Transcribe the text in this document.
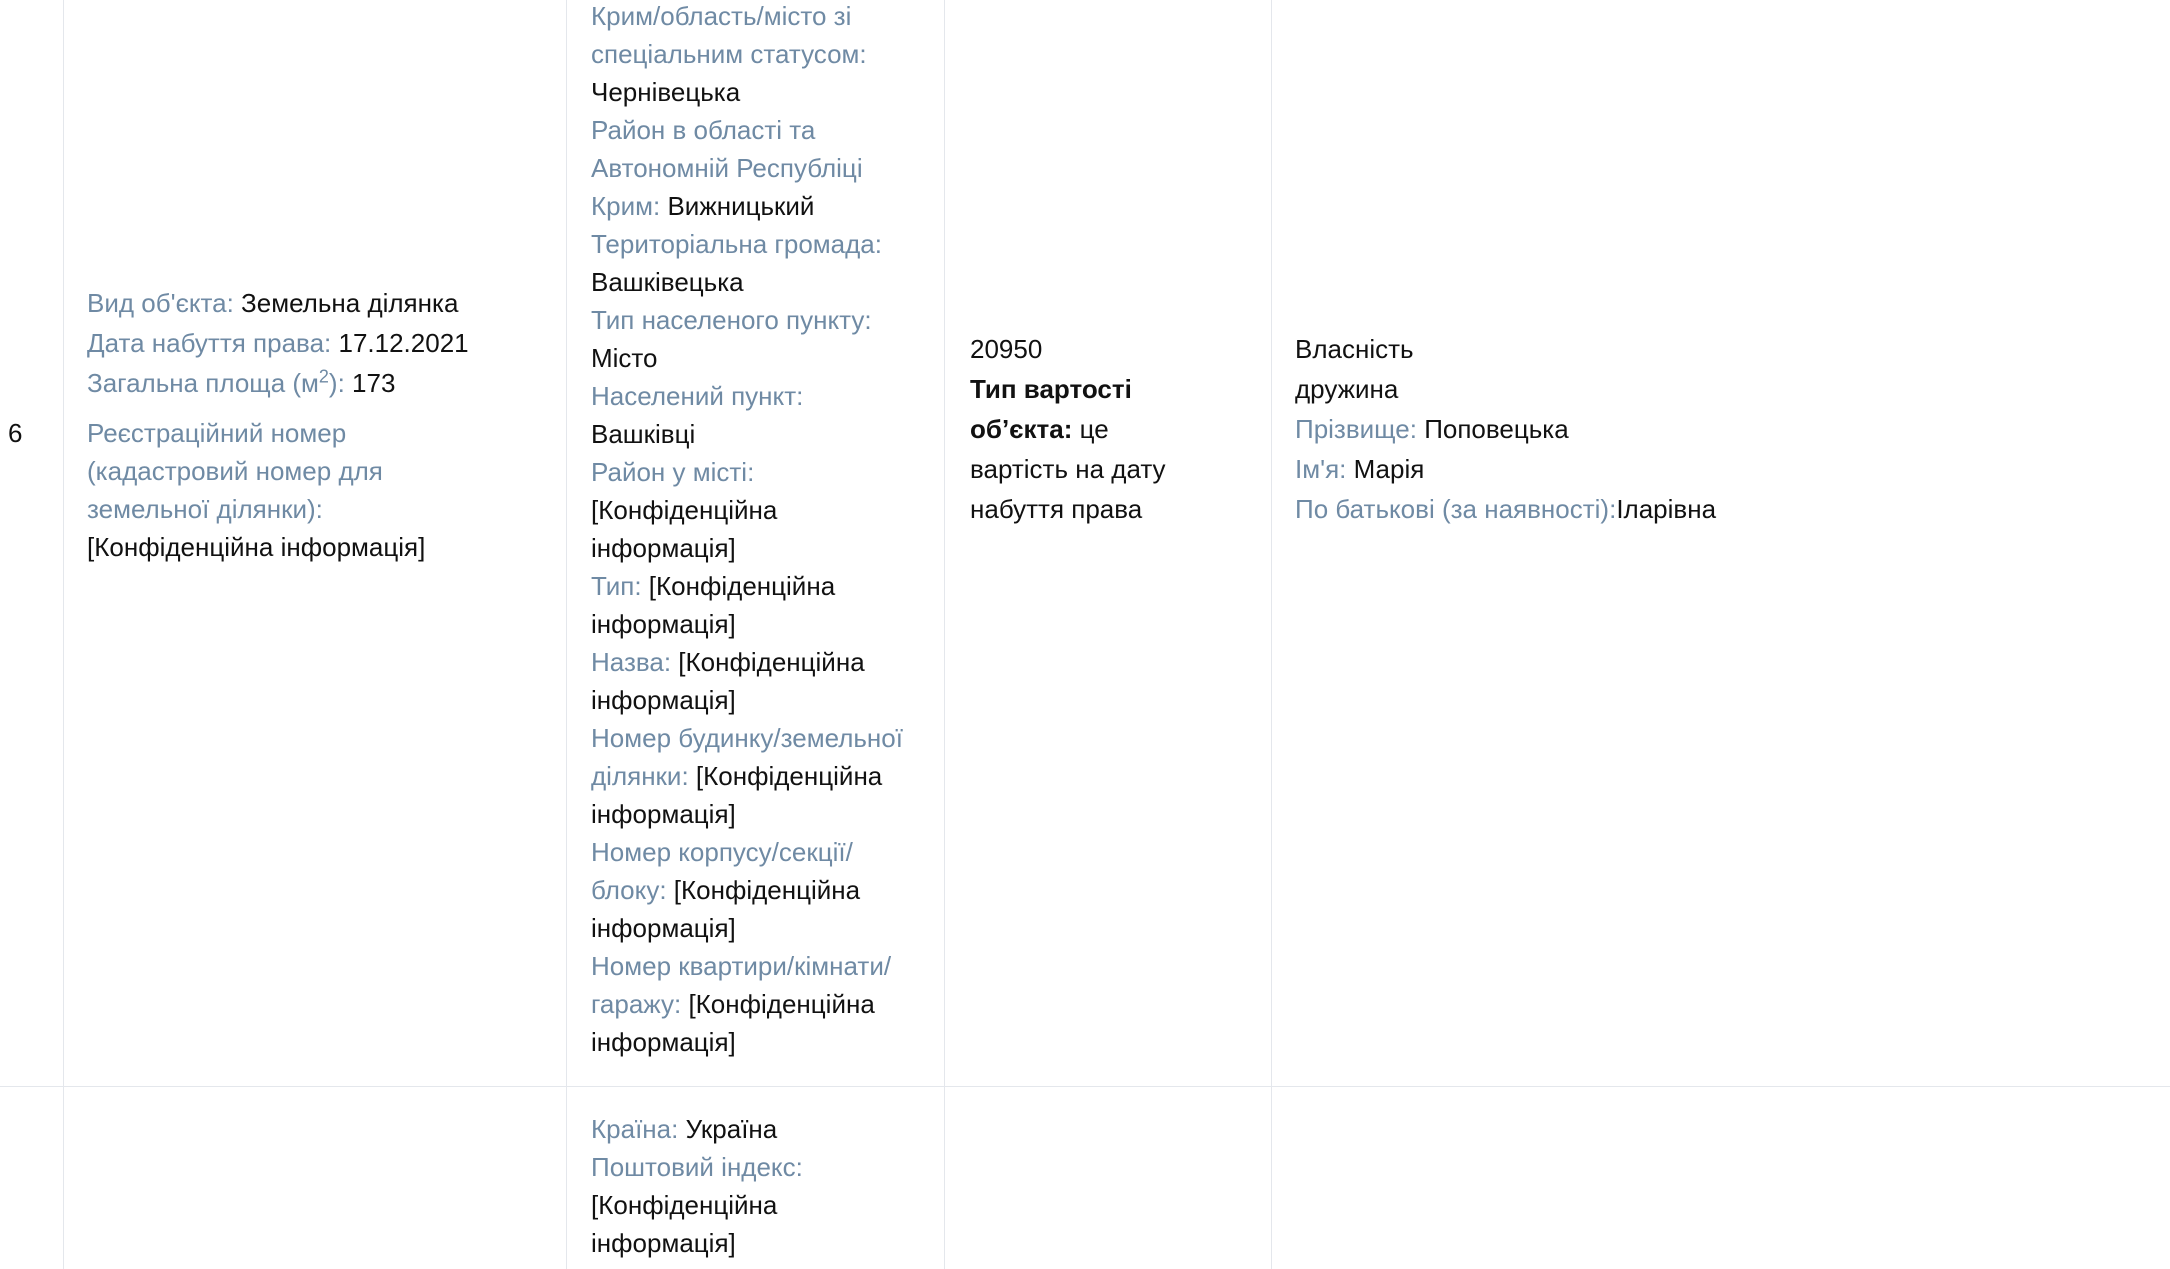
6
Вид об'єкта: Земельна ділянка
Дата набуття права: 17.12.2021
Загальна площа $(м^2)$: 173
Реєстраційний номер
(кадастровий номер для
земельної ділянки):
[Конфіденційна інформація]
Крим/область/місто зі
спеціальним статусом:
Чернівецька
Район в області та
Автономній Республіці
Крим: Вижницький
Територіальна громада:
Вашківецька
Тип населеного пункту:
Місто
Населений пункт:
Вашківці
Район у місті:
[Конфіденційна
інформація]
Тип: [Конфіденційна
інформація]
Назва: [Конфіденційна
інформація]
Номер будинку/земельної
ділянки: [Конфіденційна
інформація]
Номер корпусу/секції/
блоку: [Конфіденційна
інформація]
Номер квартири/кімнати/
гаражу: [Конфіденційна
інформація]
20950
Тип вартості
об’єкта: це
вартість на дату
набуття права
Власність
дружина
Прізвище: Поповецька
Ім'я: Марія
По батькові (за наявності):Іларівна
Країна: Україна
Поштовий індекс:
[Конфіденційна
інформація]
